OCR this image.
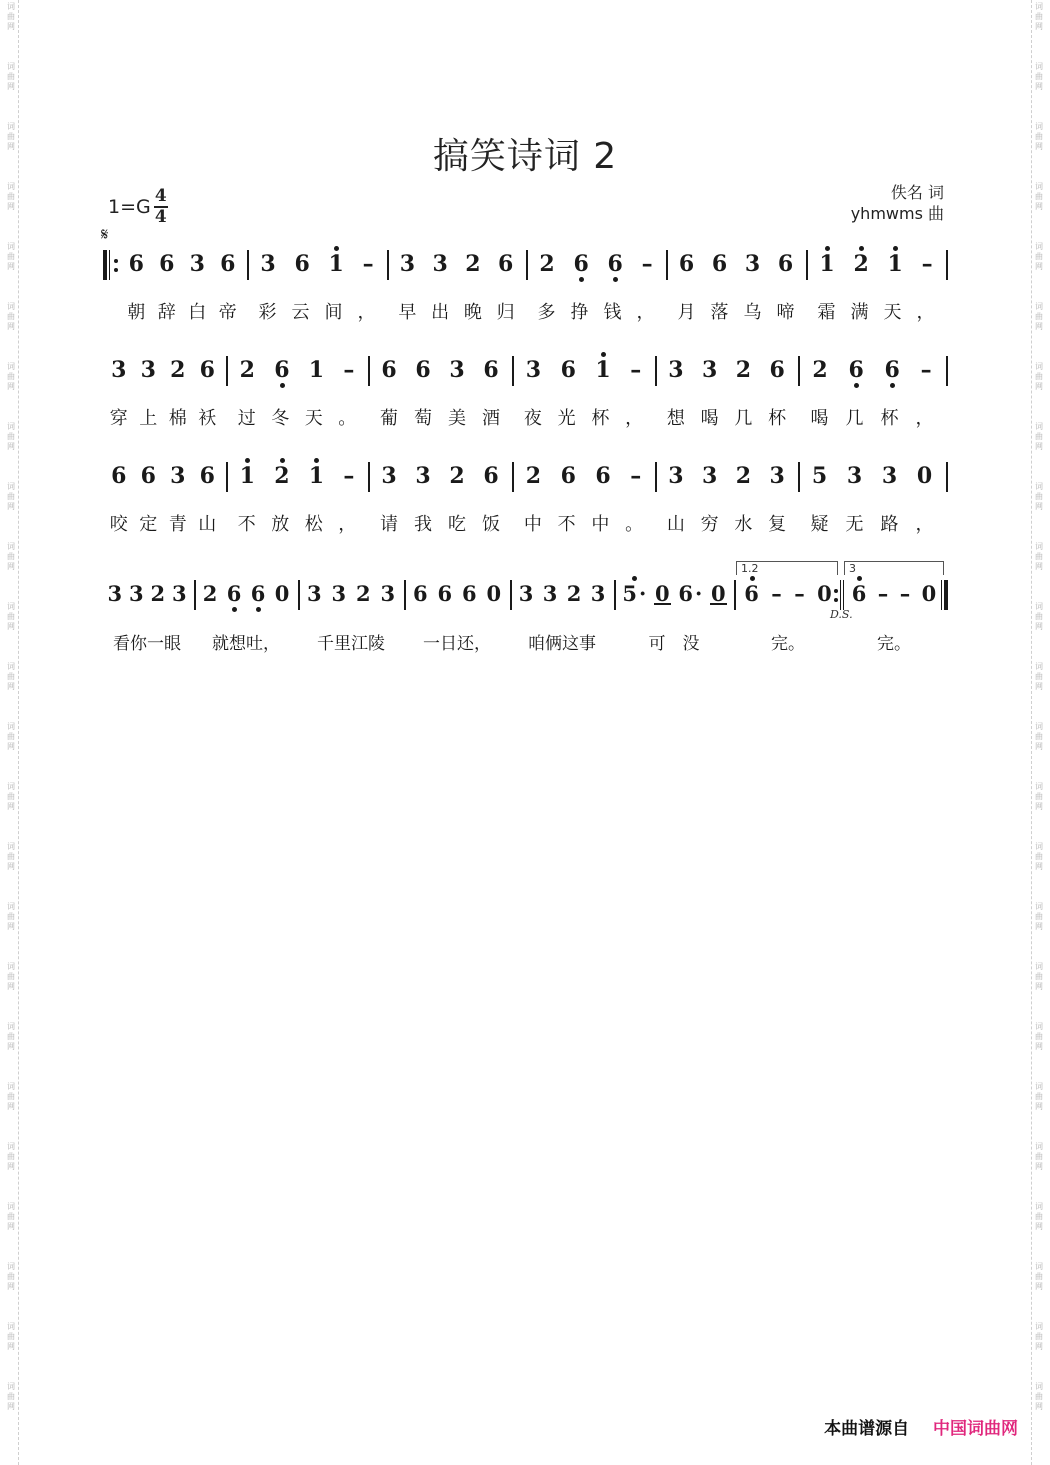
词
曲
网
词
曲
网
词
曲
网
词
曲
网
词
曲
网
词
曲
网
词
曲
网
词
曲
网
词
曲
网
词
曲
网
词
曲
网
词
曲
网
词
曲
网
词
曲
网
词
曲
网
词
曲
网
词
曲
网
词
曲
网
词
曲
网
词
曲
网
词
曲
网
词
曲
网
词
曲
网
词
曲
网
词
曲
网
词
曲
网
词
曲
网
词
曲
网
词
曲
网
词
曲
网
词
曲
网
词
曲
网
词
曲
网
词
曲
网
词
曲
网
词
曲
网
词
曲
网
词
曲
网
词
曲
网
词
曲
网
词
曲
网
词
曲
网
词
曲
网
词
曲
网
词
曲
网
词
曲
网
词
曲
网
词
曲
网
搞笑诗词 2
$1=G \frac{4}{4}$	佚名 词
yhmwms 曲
𝄋
6 6 3 6 3 6 1 – 3 3 2 6 2 6 6 – 6 6 3 6 1 2 1 –
朝 辞 白 帝 彩 云 间 ， 早 出 晚 归 多 挣 钱 ， 月 落 乌 啼 霜 满 天 ，
3 3 2 6 2 6 1 – 6 6 3 6 3 6 1 – 3 3 2 6 2 6 6 –
穿 上 棉 袄 过 冬 天 。 葡 萄 美 酒 夜 光 杯 ， 想 喝 几 杯 喝 几 杯 ，
6 6 3 6 1 2 1 – 3 3 2 6 2 6 6 – 3 3 2 3 5 3 3 0
咬 定 青 山 不 放 松 ， 请 我 吃 饭 中 不 中 。 山 穷 水 复 疑 无 路 ，
3 3 2 3 2 6 6 0 3 3 2 3 6 6 6 0 3 3 2 3 5
· 0 6· 0 6 – – 0 6 – – 0
1.2	3
D.S.
看你一眼	就想吐，	千里江陵	一日还，	咱俩这事	可　没	完。	完。
本曲谱源自 中国词曲网
